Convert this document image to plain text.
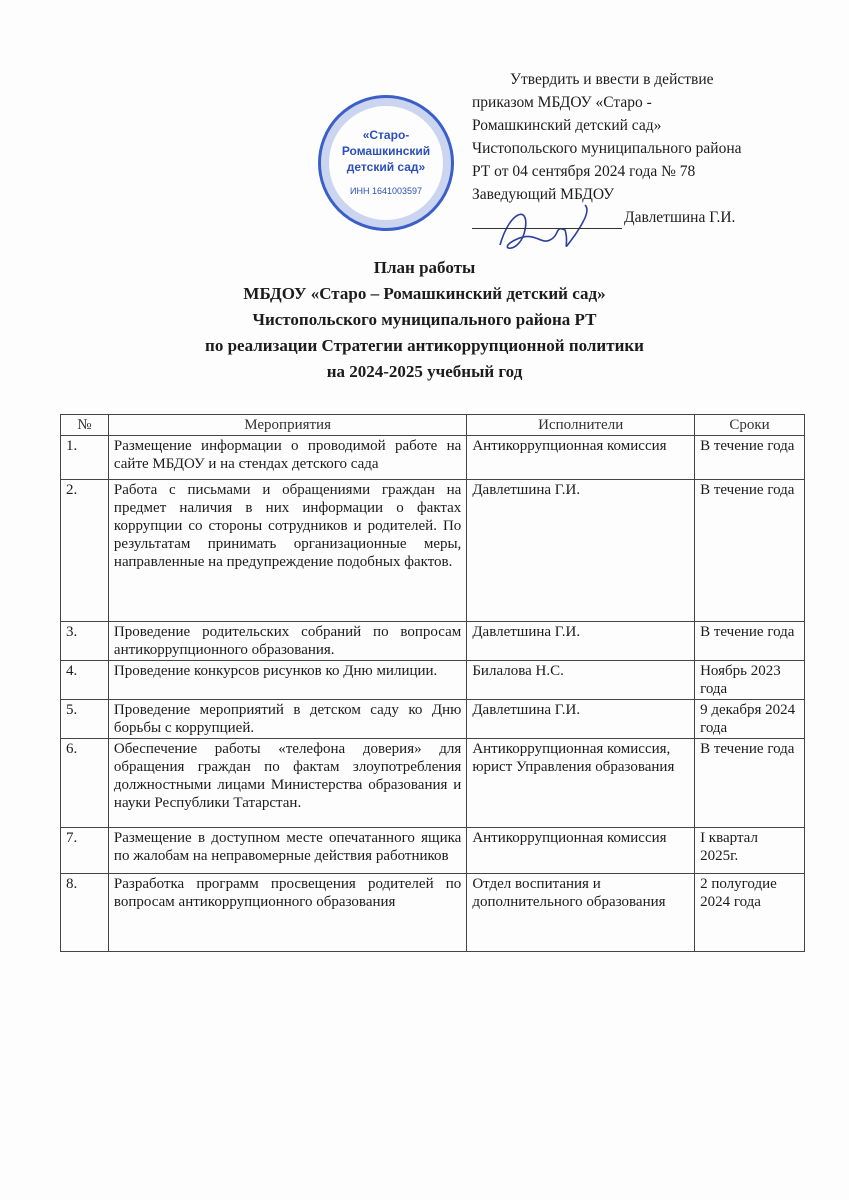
«Старо-
Ромашкинский
детский сад»
ИНН 1641003597
Утвердить и ввести в действие
приказом МБДОУ «Старо -
Ромашкинский детский сад»
Чистопольского муниципального района
РТ от 04 сентября 2024 года № 78
Заведующий МБДОУ
Давлетшина Г.И.
План работы
МБДОУ «Старо – Ромашкинский детский сад»
Чистопольского муниципального района РТ
по реализации Стратегии антикоррупционной политики
на 2024-2025 учебный год
№	Мероприятия	Исполнители	Сроки
1.	Размещение информации о проводимой работе на сайте МБДОУ и на стендах детского сада	Антикоррупционная комиссия	В течение года
2.	Работа с письмами и обращениями граждан на предмет наличия в них информации о фактах коррупции со стороны сотрудников и родителей. По результатам принимать организационные меры, направленные на предупреждение подобных фактов.	Давлетшина Г.И.	В течение года
3.	Проведение родительских собраний по вопросам антикоррупционного образования.	Давлетшина Г.И.	В течение года
4.	Проведение конкурсов рисунков ко Дню милиции.	Билалова Н.С.	Ноябрь 2023 года
5.	Проведение мероприятий в детском саду ко Дню борьбы с коррупцией.	Давлетшина Г.И.	9 декабря 2024 года
6.	Обеспечение работы «телефона доверия» для обращения граждан по фактам злоупотребления должностными лицами Министерства образования и науки Республики Татарстан.	Антикоррупционная комиссия, юрист Управления образования	В течение года
7.	Размещение в доступном месте опечатанного ящика по жалобам на неправомерные действия работников	Антикоррупционная комиссия	I квартал 2025г.
8.	Разработка программ просвещения родителей по вопросам антикоррупционного образования	Отдел воспитания и дополнительного образования	2 полугодие 2024 года
